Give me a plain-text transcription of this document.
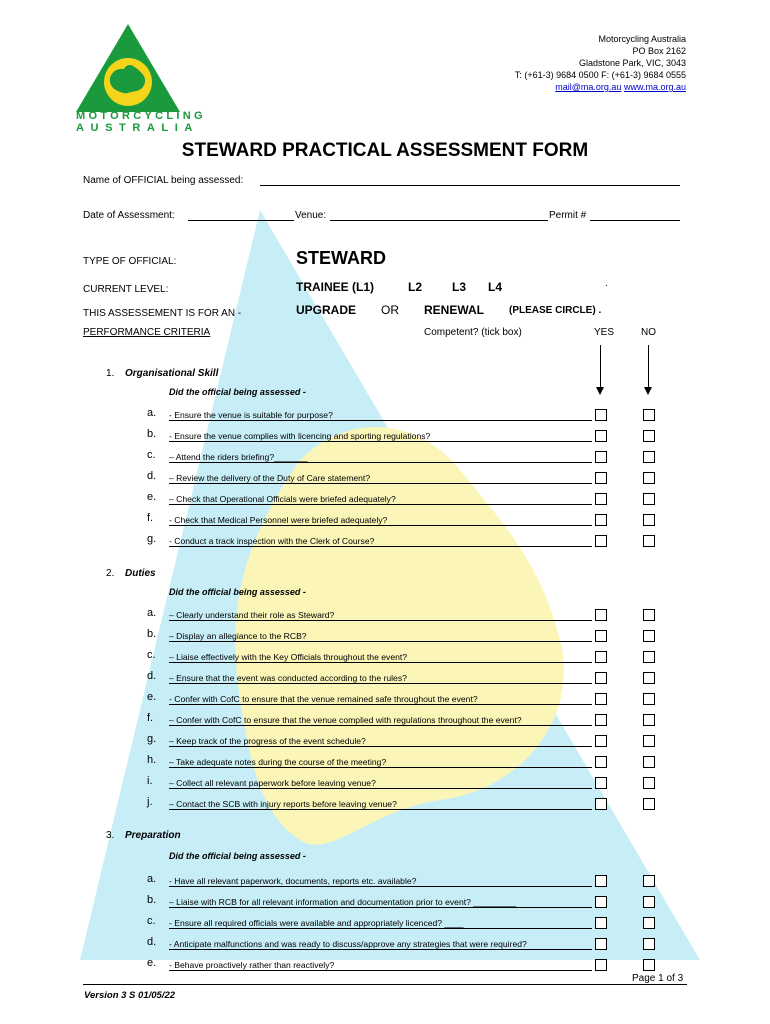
MOTORCYCLING
AUSTRALIA
Motorcycling Australia
PO Box 2162
Gladstone Park, VIC, 3043
T: (+61-3) 9684 0500 F: (+61-3) 9684 0555
mail@ma.org.au www.ma.org.au
STEWARD PRACTICAL ASSESSMENT FORM
Name of OFFICIAL being assessed:
Date of Assessment:	Venue:	Permit #
TYPE OF OFFICIAL:	STEWARD
CURRENT LEVEL:	TRAINEE (L1)	L2 L3 L4	.
THIS ASSESSEMENT IS FOR AN -	UPGRADE OR RENEWAL	(PLEASE CIRCLE) .
PERFORMANCE CRITERIA	Competent? (tick box)	YES	NO
1. Organisational Skill
Did the official being assessed -
a. - Ensure the venue is suitable for purpose?
b. - Ensure the venue complies with licencing and sporting regulations?
c. – Attend the riders briefing?_______
d. – Review the delivery of the Duty of Care statement?
e. – Check that Operational Officials were briefed adequately?
f. - Check that Medical Personnel were briefed adequately?
g. - Conduct a track inspection with the Clerk of Course?
2. Duties
Did the official being assessed -
a. – Clearly understand their role as Steward?
b. – Display an allegiance to the RCB?
c. – Liaise effectively with the Key Officials throughout the event?
d. – Ensure that the event was conducted according to the rules?
e. - Confer with CofC to ensure that the venue remained safe throughout the event?
f. – Confer with CofC to ensure that the venue complied with regulations throughout the event?
g. – Keep track of the progress of the event schedule?
h. – Take adequate notes during the course of the meeting?
i. – Collect all relevant paperwork before leaving venue?
j. – Contact the SCB with injury reports before leaving venue?
3. Preparation
Did the official being assessed -
a. - Have all relevant paperwork, documents, reports etc. available?
b. – Liaise with RCB for all relevant information and documentation prior to event? _________
c. - Ensure all required officials were available and appropriately licenced? ____
d. - Anticipate malfunctions and was ready to discuss/approve any strategies that were required?
e. - Behave proactively rather than reactively?
Page 1 of 3
Version 3 S 01/05/22
